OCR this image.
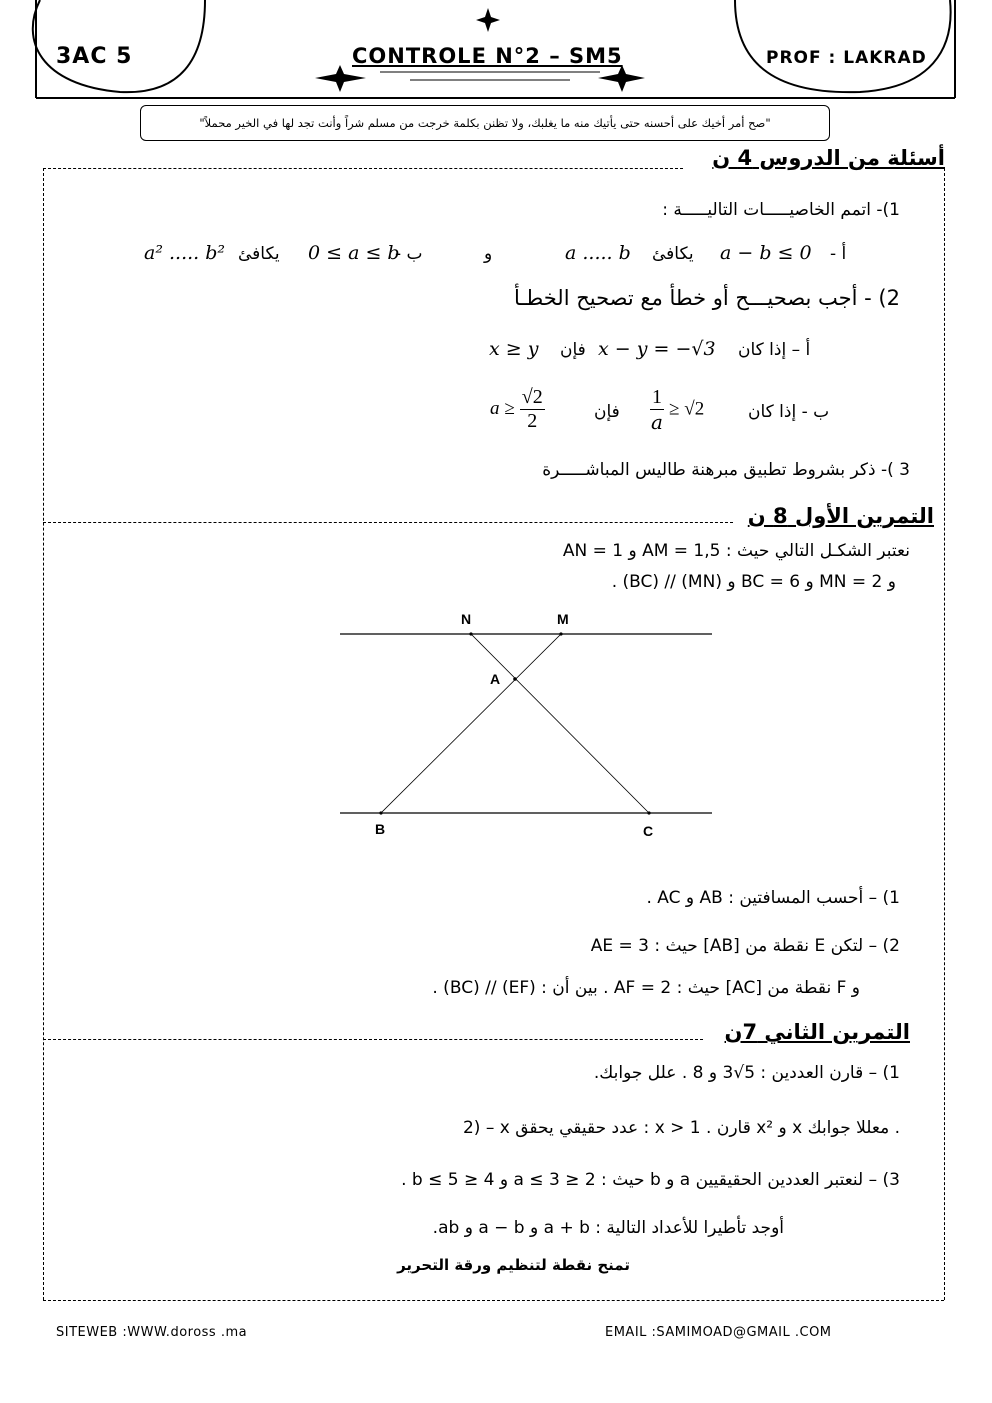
3AC 5	CONTROLE N°2 – SM5	PROF : LAKRAD
"صح أمر أخيك على أحسنه حتى يأتيك منه ما يغلبك، ولا تظنن بكلمة خرجت من مسلم شراً وأنت تجد لها في الخير محملاً"
أسئلة من الدروس 4 ن
1)- اتمم الخاصيـــــات التاليـــــة :
أ -
a − b ≤ 0
يكافئ
a ..... b
و
ب -
0 ≤ a ≤ b
يكافئ
a² ..... b²
2) - أجب بصحيـــح أو خطأ مع تصحيح الخطـأ
أ – إذا كان
x − y = −√3
فإن
x ≥ y
ب - إذا كان
$\frac{1}{a} \ge √2$
فإن
$a \ge \frac{√2}{2}$
3 )- ذكر بشروط تطبيق مبرهنة طاليس المباشـــــرة
التمرين الأول 8 ن
نعتبر الشكـل التالي حيث : AM = 1,5 و AN = 1
و MN = 2 و BC = 6 و (MN) // (BC) .
N	M
A
B	C
1) – أحسب المسافتين : AB و AC .
2) – لتكن E نقطة من [AB] حيث : AE = 3
و F نقطة من [AC] حيث : AF = 2 . بين أن : (EF) // (BC) .
التمرين الثاني 7ن
1) – قارن العددين : 5√3 و 8 . علل جوابك.
2) – x عدد حقيقي يحقق : x > 1 . قارن x² و x معللا جوابك .
3) – لنعتبر العددين الحقيقيين a و b حيث : 2 ≤ a ≤ 3 و 4 ≤ b ≤ 5 .
أوجد تأطيرا للأعداد التالية : a + b و a − b و ab.
تمنح نقطة لتنظيم ورقة التحرير
SITEWEB :WWW.doross .ma	EMAIL :SAMIMOAD@GMAIL .COM
